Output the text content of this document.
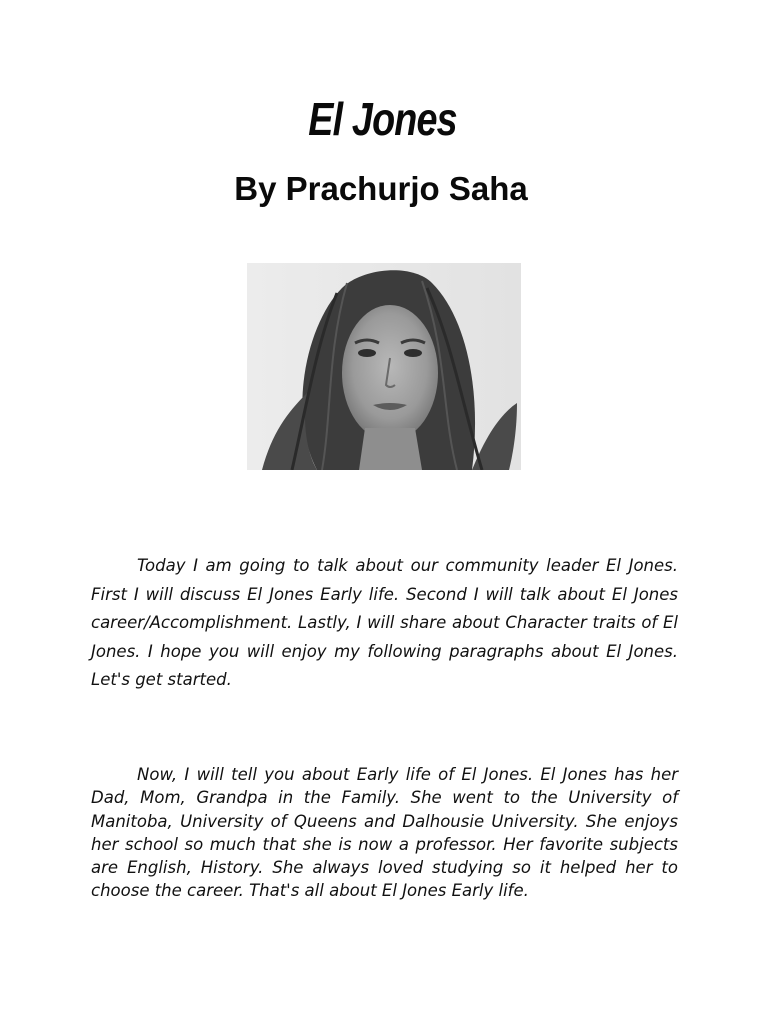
El Jones
By Prachurjo Saha

Today I am going to talk about our community leader El Jones. First I will discuss El Jones Early life. Second I will talk about El Jones career/Accomplishment. Lastly, I will share about Character traits of El Jones. I hope you will enjoy my following paragraphs about El Jones. Let's get started.

Now, I will tell you about Early life of El Jones. El Jones has her Dad, Mom, Grandpa in the Family. She went to the University of Manitoba, University of Queens and Dalhousie University. She enjoys her school so much that she is now a professor. Her favorite subjects are English, History. She always loved studying so it helped her to choose the career. That's all about El Jones Early life.
